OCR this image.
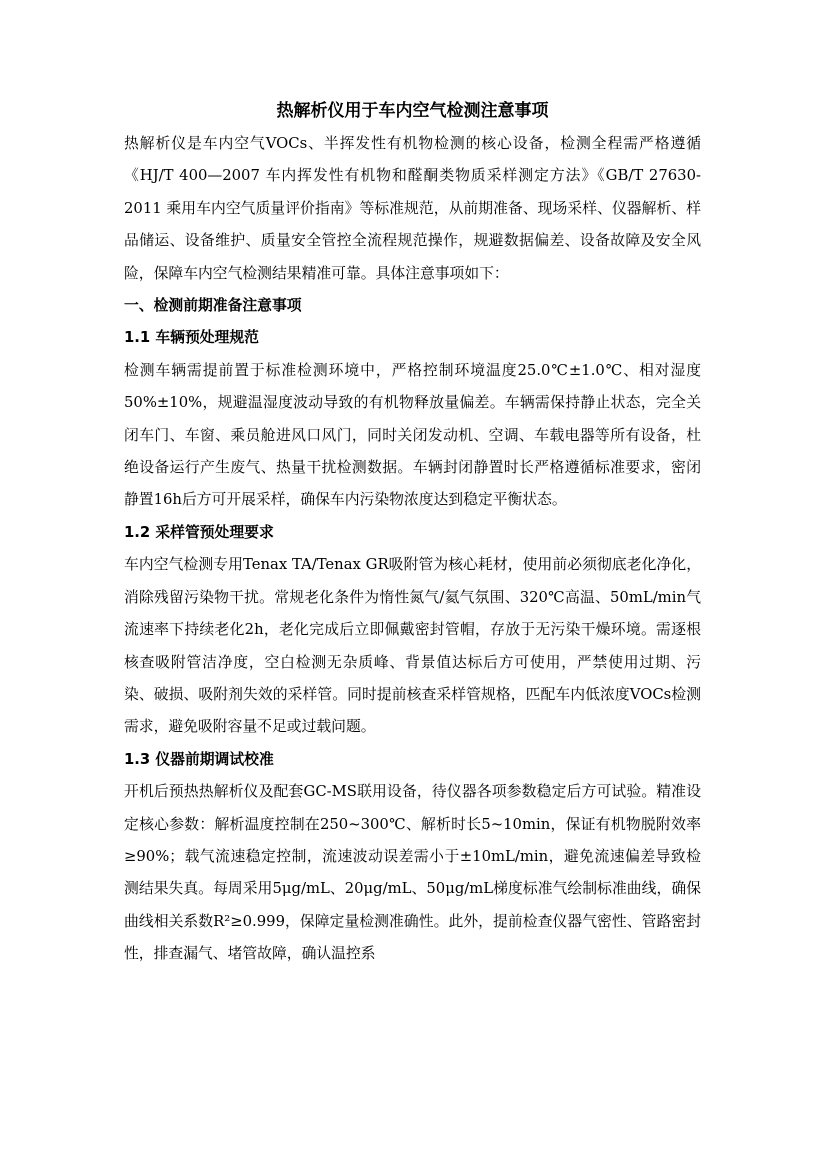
热解析仪用于车内空气检测注意事项

热解析仪是车内空气VOCs、半挥发性有机物检测的核心设备，检测全程需严格遵循《HJ/T 400—2007 车内挥发性有机物和醛酮类物质采样测定方法》《GB/T 27630-2011 乘用车内空气质量评价指南》等标准规范，从前期准备、现场采样、仪器解析、样品储运、设备维护、质量安全管控全流程规范操作，规避数据偏差、设备故障及安全风险，保障车内空气检测结果精准可靠。具体注意事项如下：

一、检测前期准备注意事项
1.1 车辆预处理规范

检测车辆需提前置于标准检测环境中，严格控制环境温度25.0℃±1.0℃、相对湿度50%±10%，规避温湿度波动导致的有机物释放量偏差。车辆需保持静止状态，完全关闭车门、车窗、乘员舱进风口风门，同时关闭发动机、空调、车载电器等所有设备，杜绝设备运行产生废气、热量干扰检测数据。车辆封闭静置时长严格遵循标准要求，密闭静置16h后方可开展采样，确保车内污染物浓度达到稳定平衡状态。

1.2 采样管预处理要求

车内空气检测专用Tenax TA/Tenax GR吸附管为核心耗材，使用前必须彻底老化净化，消除残留污染物干扰。常规老化条件为惰性氮气/氦气氛围、320℃高温、50mL/min气流速率下持续老化2h，老化完成后立即佩戴密封管帽，存放于无污染干燥环境。需逐根核查吸附管洁净度，空白检测无杂质峰、背景值达标后方可使用，严禁使用过期、污染、破损、吸附剂失效的采样管。同时提前核查采样管规格，匹配车内低浓度VOCs检测需求，避免吸附容量不足或过载问题。

1.3 仪器前期调试校准

开机后预热热解析仪及配套GC-MS联用设备，待仪器各项参数稳定后方可试验。精准设定核心参数：解析温度控制在250~300℃、解析时长5~10min，保证有机物脱附效率≥90%；载气流速稳定控制，流速波动误差需小于±10mL/min，避免流速偏差导致检测结果失真。每周采用5μg/mL、20μg/mL、50μg/mL梯度标准气绘制标准曲线，确保曲线相关系数R²≥0.999，保障定量检测准确性。此外，提前检查仪器气密性、管路密封性，排查漏气、堵管故障，确认温控系
